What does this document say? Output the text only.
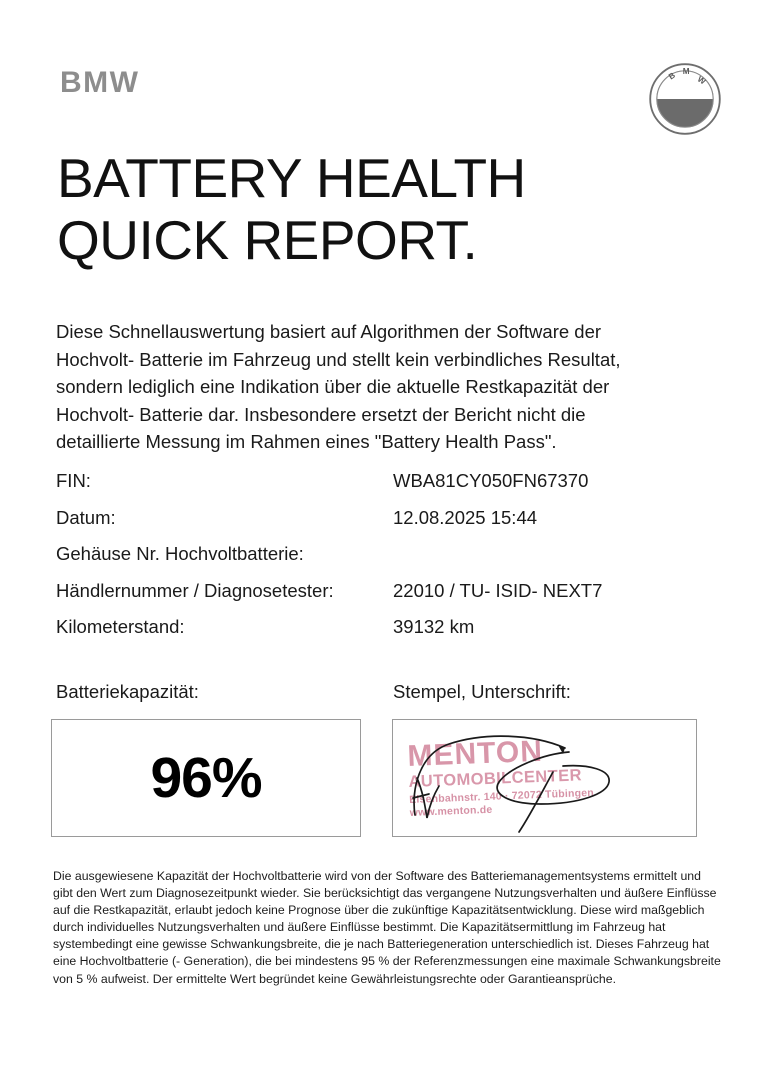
BMW	B M
W
BATTERY HEALTH
QUICK REPORT.
Diese Schnellauswertung basiert auf Algorithmen der Software der
Hochvolt- Batterie im Fahrzeug und stellt kein verbindliches Resultat,
sondern lediglich eine Indikation über die aktuelle Restkapazität der
Hochvolt- Batterie dar. Insbesondere ersetzt der Bericht nicht die
detaillierte Messung im Rahmen eines "Battery Health Pass".
FIN:	WBA81CY050FN67370
Datum:	12.08.2025 15:44
Gehäuse Nr. Hochvoltbatterie:
Händlernummer / Diagnosetester:	22010 / TU- ISID- NEXT7
Kilometerstand:	39132 km
Batteriekapazität:	Stempel, Unterschrift:
96%	MENTON
AUTOMOBILCENTER
Eisenbahnstr. 140 · 72072 Tübingen
www.menton.de
Die ausgewiesene Kapazität der Hochvoltbatterie wird von der Software des Batteriemanagementsystems ermittelt und
gibt den Wert zum Diagnosezeitpunkt wieder. Sie berücksichtigt das vergangene Nutzungsverhalten und äußere Einflüsse
auf die Restkapazität, erlaubt jedoch keine Prognose über die zukünftige Kapazitätsentwicklung. Diese wird maßgeblich
durch individuelles Nutzungsverhalten und äußere Einflüsse bestimmt. Die Kapazitätsermittlung im Fahrzeug hat
systembedingt eine gewisse Schwankungsbreite, die je nach Batteriegeneration unterschiedlich ist. Dieses Fahrzeug hat
eine Hochvoltbatterie (- Generation), die bei mindestens 95 % der Referenzmessungen eine maximale Schwankungsbreite
von 5 % aufweist. Der ermittelte Wert begründet keine Gewährleistungsrechte oder Garantieansprüche.
